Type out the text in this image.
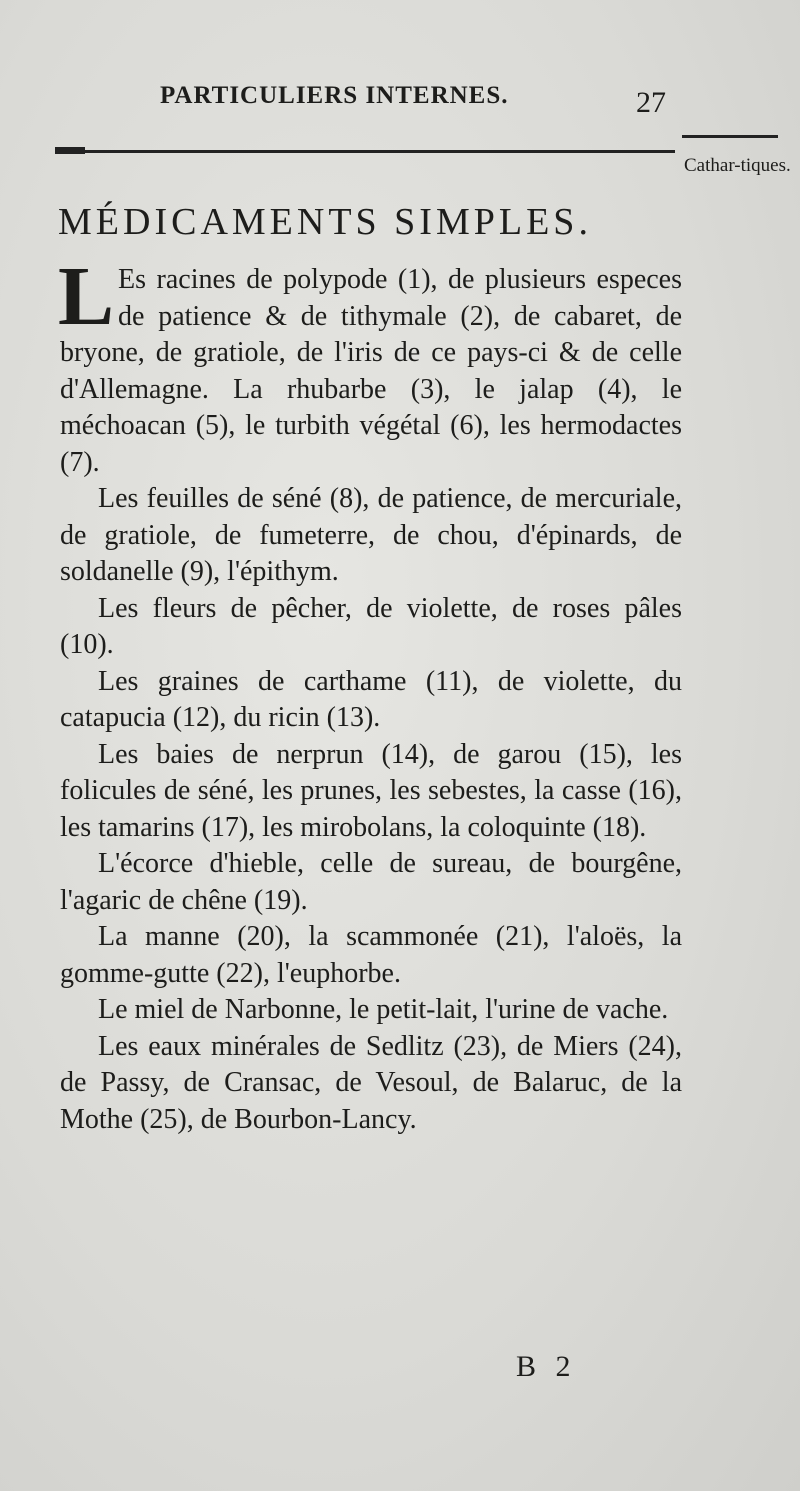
PARTICULIERS INTERNES.	27
Cathar-tiques.
MÉDICAMENTS SIMPLES.

L Es racines de polypode (1), de plusieurs especes de patience & de tithymale (2), de cabaret, de bryone, de gratiole, de l'iris de ce pays-ci & de celle d'Allemagne. La rhubarbe (3), le jalap (4), le méchoacan (5), le turbith végétal (6), les hermodactes (7).

Les feuilles de séné (8), de patience, de mercuriale, de gratiole, de fumeterre, de chou, d'épinards, de soldanelle (9), l'épithym.

Les fleurs de pêcher, de violette, de roses pâles (10).

Les graines de carthame (11), de violette, du catapucia (12), du ricin (13).

Les baies de nerprun (14), de garou (15), les folicules de séné, les prunes, les sebestes, la casse (16), les tamarins (17), les mirobolans, la coloquinte (18).

L'écorce d'hieble, celle de sureau, de bourgêne, l'agaric de chêne (19).

La manne (20), la scammonée (21), l'aloës, la gomme-gutte (22), l'euphorbe.

Le miel de Narbonne, le petit-lait, l'urine de vache.

Les eaux minérales de Sedlitz (23), de Miers (24), de Passy, de Cransac, de Vesoul, de Balaruc, de la Mothe (25), de Bourbon-Lancy.

B 2
